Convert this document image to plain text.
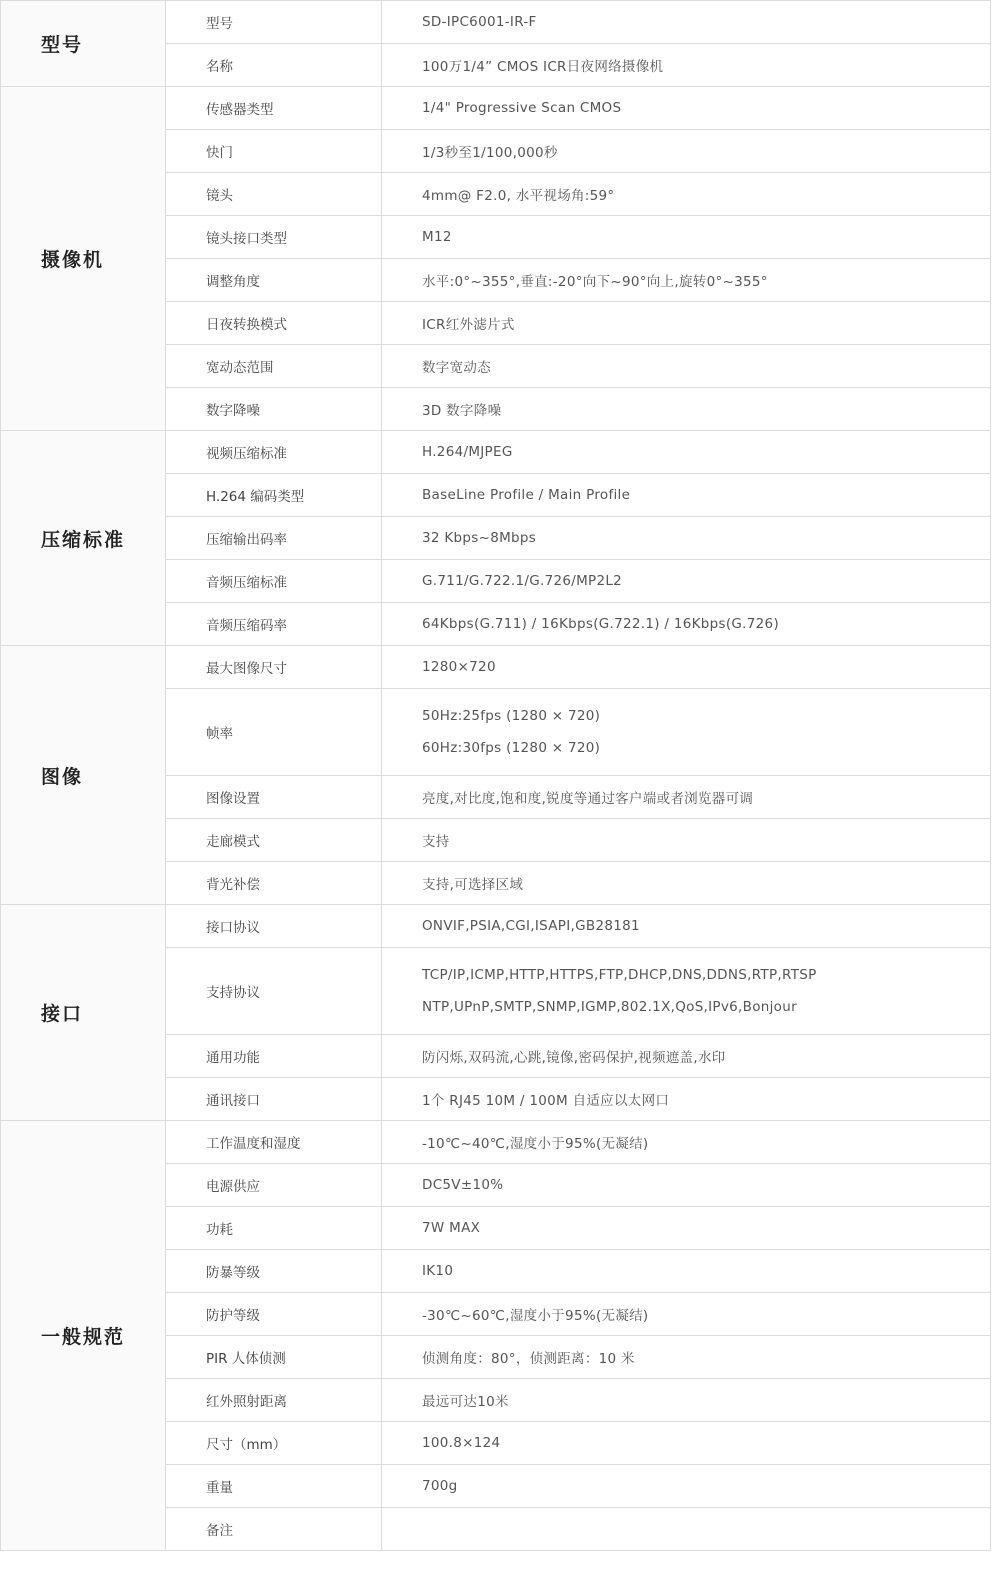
型号	型号	SD-IPC6001-IR-F
	名称	100万1/4” CMOS ICR日夜网络摄像机
摄像机	传感器类型	1/4" Progressive Scan CMOS
	快门	1/3秒至1/100,000秒
	镜头	4mm@ F2.0, 水平视场角:59°
	镜头接口类型	M12
	调整角度	水平:0°~355°,垂直:-20°向下~90°向上,旋转0°~355°
	日夜转换模式	ICR红外滤片式
	宽动态范围	数字宽动态
	数字降噪	3D 数字降噪
压缩标准	视频压缩标准	H.264/MJPEG
	H.264 编码类型	BaseLine Profile / Main Profile
	压缩输出码率	32 Kbps~8Mbps
	音频压缩标准	G.711/G.722.1/G.726/MP2L2
	音频压缩码率	64Kbps(G.711) / 16Kbps(G.722.1) / 16Kbps(G.726)
图像	最大图像尺寸	1280×720
	帧率	50Hz:25fps (1280 × 720)
60Hz:30fps (1280 × 720)

	图像设置	亮度,对比度,饱和度,锐度等通过客户端或者浏览器可调
	走廊模式	支持
	背光补偿	支持,可选择区域
接口	接口协议	ONVIF,PSIA,CGI,ISAPI,GB28181
	支持协议	TCP/IP,ICMP,HTTP,HTTPS,FTP,DHCP,DNS,DDNS,RTP,RTSP
NTP,UPnP,SMTP,SNMP,IGMP,802.1X,QoS,IPv6,Bonjour

	通用功能	防闪烁,双码流,心跳,镜像,密码保护,视频遮盖,水印
	通讯接口	1个 RJ45 10M / 100M 自适应以太网口
一般规范	工作温度和湿度	-10℃~40℃,湿度小于95%(无凝结)
	电源供应	DC5V±10%
	功耗	7W MAX
	防暴等级	IK10
	防护等级	-30℃~60℃,湿度小于95%(无凝结)
	PIR 人体侦测	侦测角度：80°，侦测距离：10 米
	红外照射距离	最远可达10米
	尺寸（mm）	100.8×124
	重量	700g
	备注	
